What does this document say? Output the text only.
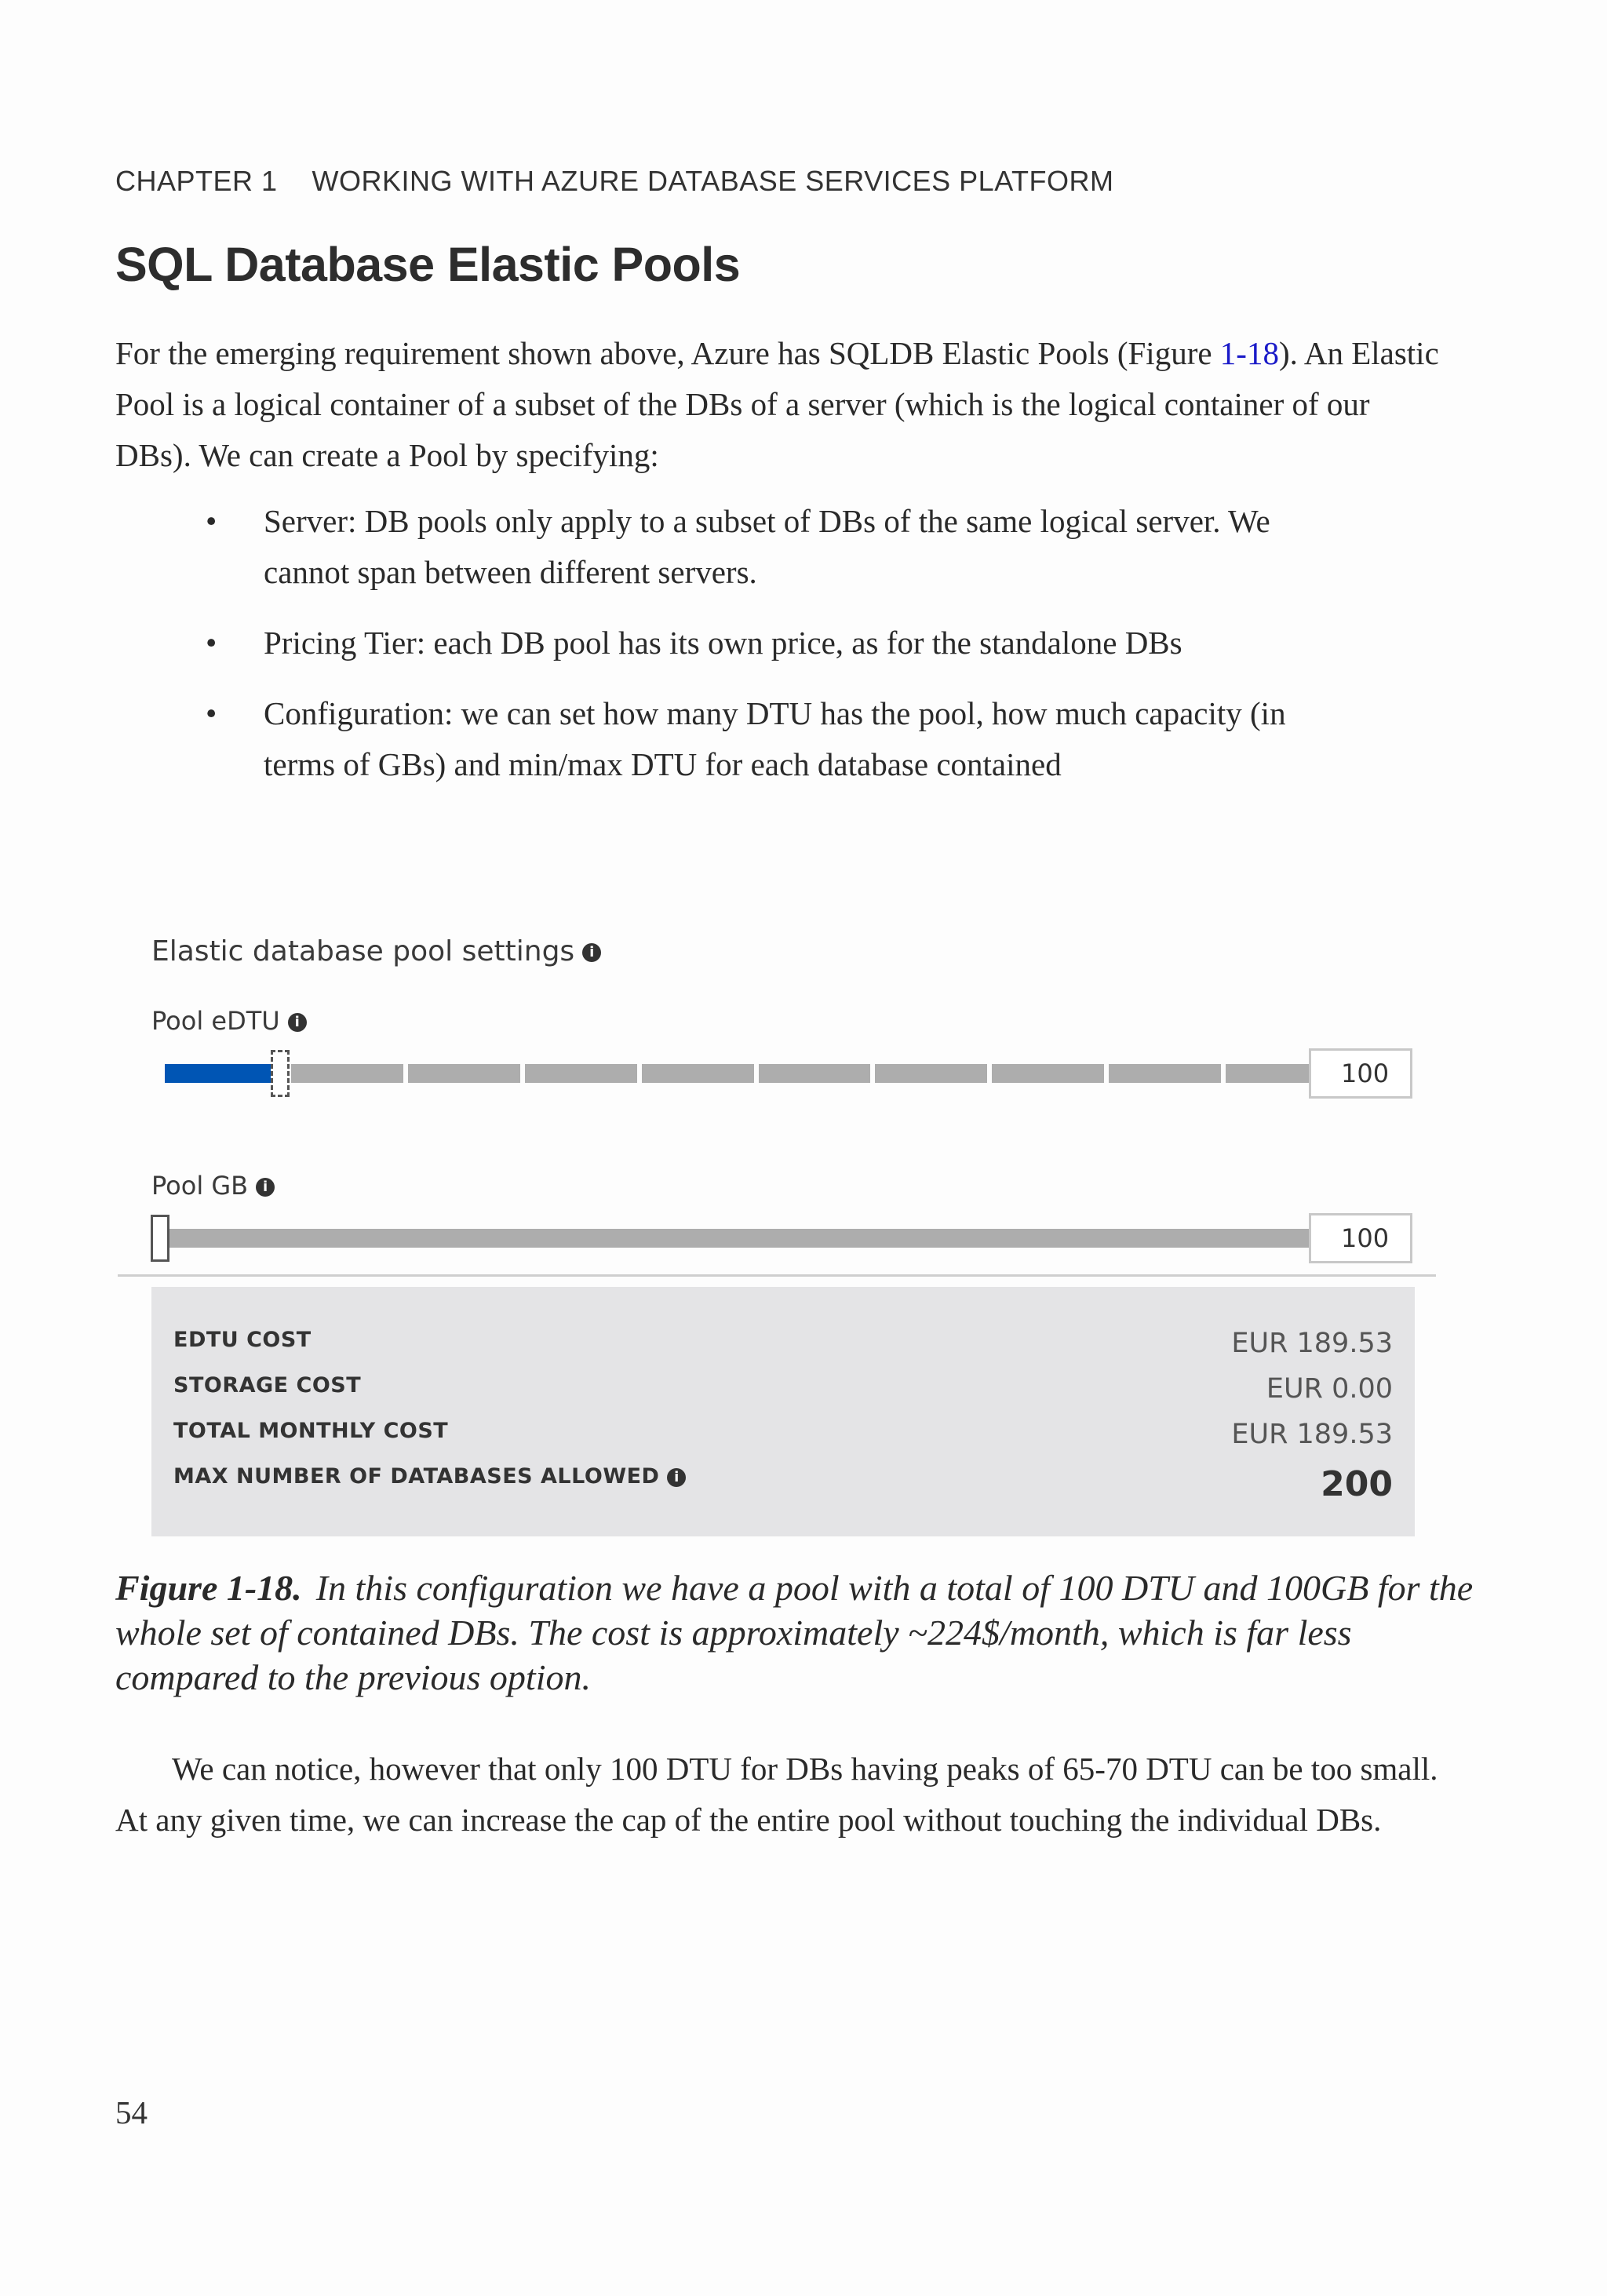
CHAPTER 1 WORKING WITH AZURE DATABASE SERVICES PLATFORM
SQL Database Elastic Pools

For the emerging requirement shown above, Azure has SQLDB Elastic Pools (Figure 1-18). An Elastic Pool is a logical container of a subset of the DBs of a server (which is the logical container of our DBs). We can create a Pool by specifying:

• Server: DB pools only apply to a subset of DBs of the same logical server. We cannot span between different servers.
• Pricing Tier: each DB pool has its own price, as for the standalone DBs
• Configuration: we can set how many DTU has the pool, how much capacity (in terms of GBs) and min/max DTU for each database contained
Elastic database pool settings i
Pool eDTU i
100
Pool GB i
100
EDTU COST	EUR 189.53
STORAGE COST	EUR 0.00
TOTAL MONTHLY COST	EUR 189.53
MAX NUMBER OF DATABASES ALLOWED i	200

Figure 1-18. In this configuration we have a pool with a total of 100 DTU and 100GB for the whole set of contained DBs. The cost is approximately ~224$/month, which is far less compared to the previous option.

We can notice, however that only 100 DTU for DBs having peaks of 65-70 DTU can be too small. At any given time, we can increase the cap of the entire pool without touching the individual DBs.

54
